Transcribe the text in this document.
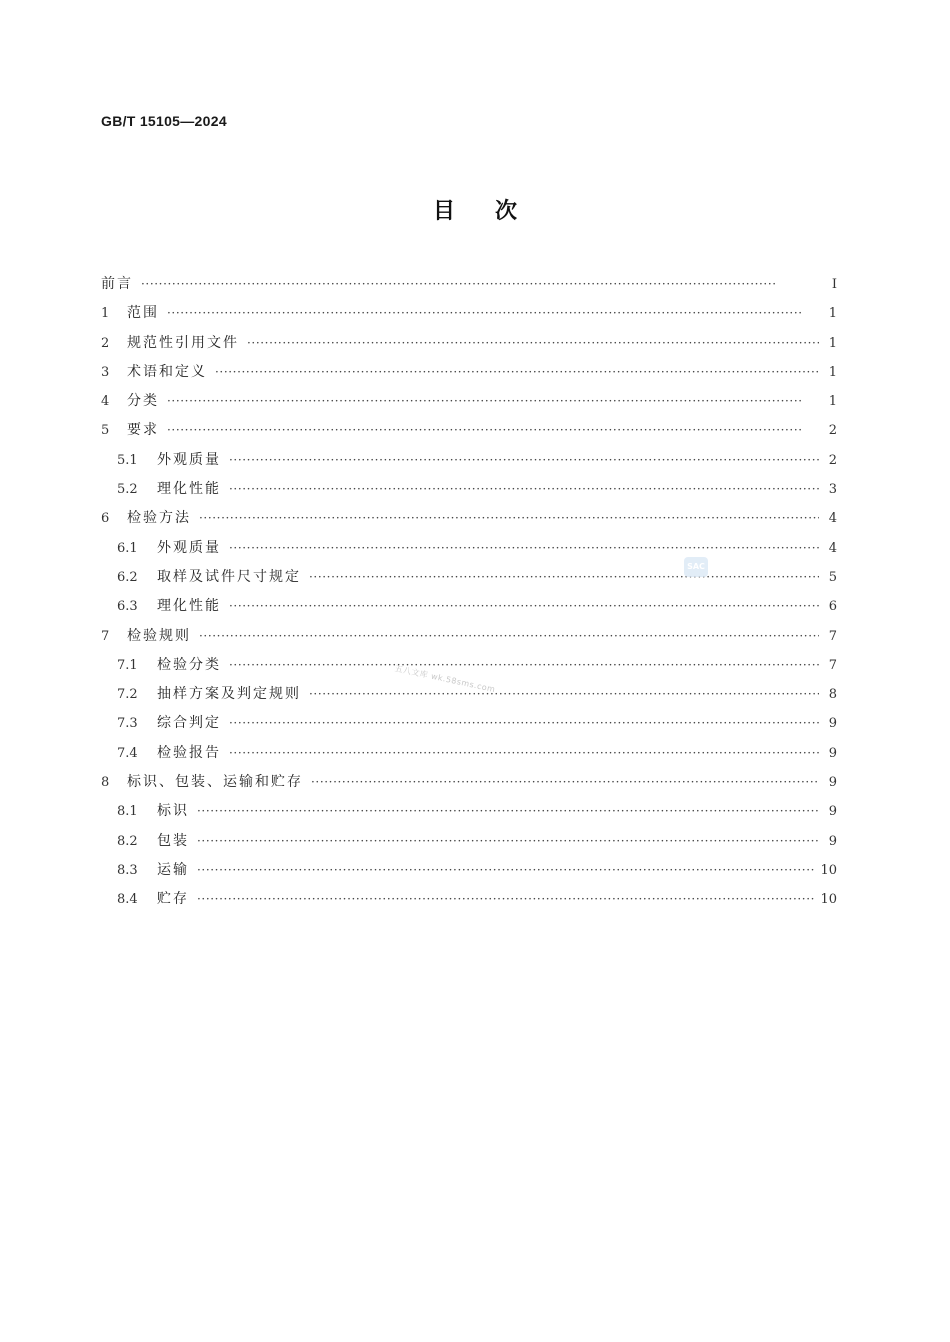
GB/T 15105—2024
目次
前言 ·····	Ⅰ
1	范围 ·····	1
2	规范性引用文件 ·····	1
3	术语和定义 ·····	1
4	分类 ·····	1
5	要求 ·····	2
5.1	外观质量 ·····	2
5.2	理化性能 ·····	3
6	检验方法 ·····	4
6.1	外观质量 ·····	4
6.2	取样及试件尺寸规定 ·····	5
6.3	理化性能 ·····	6
7	检验规则 ·····	7
7.1	检验分类 ·····	7
7.2	抽样方案及判定规则 ·····	8
7.3	综合判定 ·····	9
7.4	检验报告 ·····	9
8	标识、包装、运输和贮存 ·····	9
8.1	标识 ·····	9
8.2	包装 ·····	9
8.3	运输 ·····	10
8.4	贮存 ·····	10
SAC
五八文库 wk.58sms.com
